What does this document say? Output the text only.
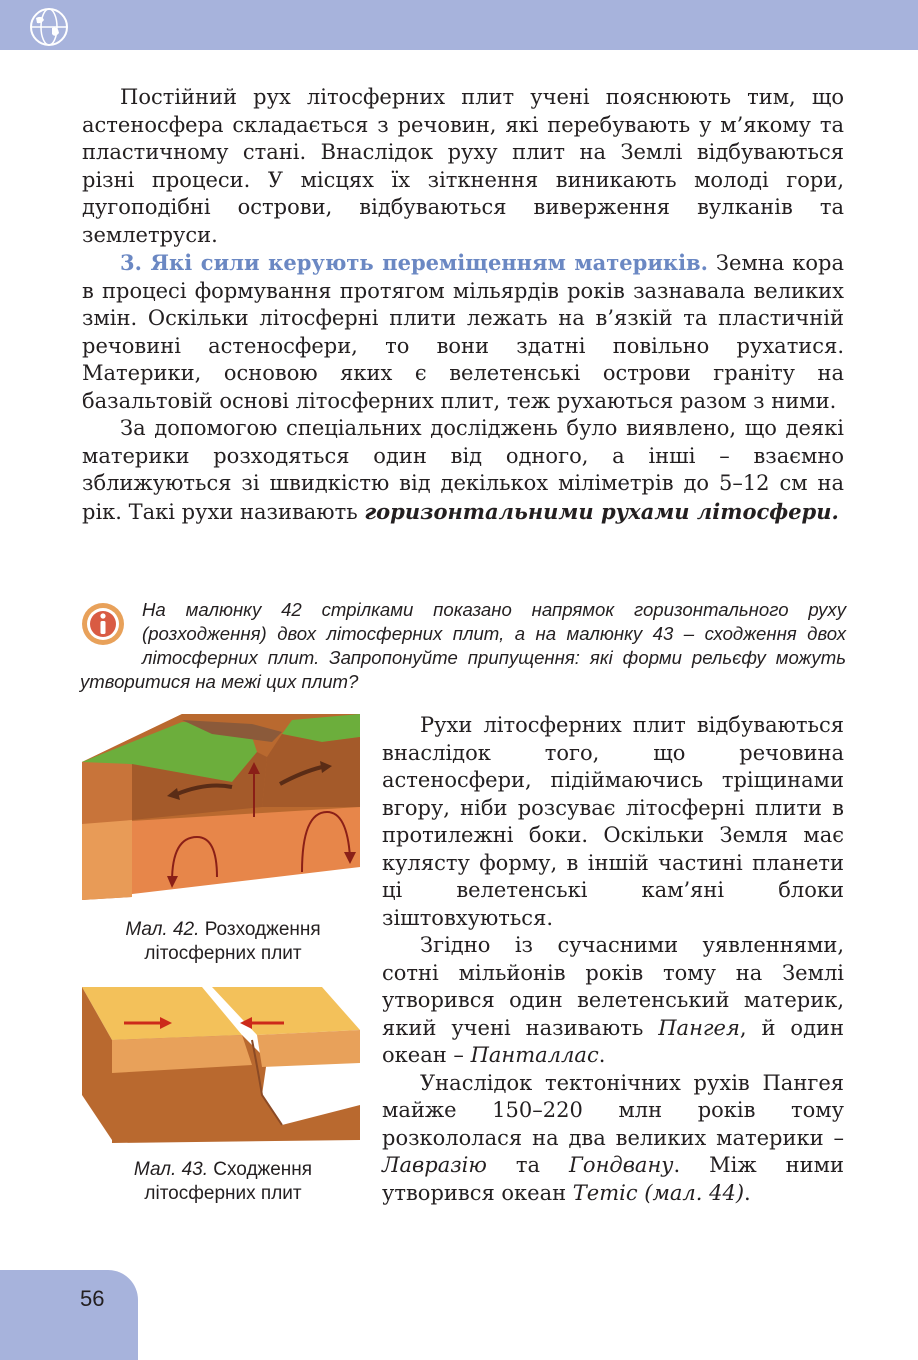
Постійний рух літосферних плит учені пояснюють тим, що астеносфера складається з речовин, які перебувають у м’якому та пластичному стані. Внаслідок руху плит на Землі відбуваються різні процеси. У місцях їх зіткнення виникають молоді гори, дугоподібні острови, відбуваються виверження вулканів та землетруси.

3. Які сили керують переміщенням материків. Земна кора в процесі формування протягом мільярдів років зазнавала великих змін. Оскільки літосферні плити лежать на в’язкій та пластичній речовині астеносфери, то вони здатні повільно рухатися. Материки, основою яких є велетенські острови граніту на базальтовій основі літосферних плит, теж рухаються разом з ними.

За допомогою спеціальних досліджень було виявлено, що деякі материки розходяться один від одного, а інші – взаємно зближуються зі швидкістю від декількох міліметрів до 5–12 см на рік. Такі рухи називають горизонтальними рухами літосфери.

На малюнку 42 стрілками показано напрямок горизонтального руху (розходження) двох літосферних плит, а на малюнку 43 – сходження двох літосферних плит. Запропонуйте припущення: які форми рельєфу можуть утворитися на межі цих плит?

Мал. 42. Розходження літосферних плит
Мал. 43. Сходження літосферних плит

Рухи літосферних плит відбуваються внаслідок того, що речовина астеносфери, підіймаючись тріщинами вгору, ніби розсуває літосферні плити в протилежні боки. Оскільки Земля має кулясту форму, в іншій частині планети ці велетенські кам’яні блоки зіштовхуються.

Згідно із сучасними уявленнями, сотні мільйонів років тому на Землі утворився один велетенський материк, який учені називають Пангея, й один океан – Панталлас.

Унаслідок тектонічних рухів Пангея майже 150–220 млн років тому розкололася на два великих материки – Лавразію та Гондвану. Між ними утворився океан Тетіс (мал. 44).

56
